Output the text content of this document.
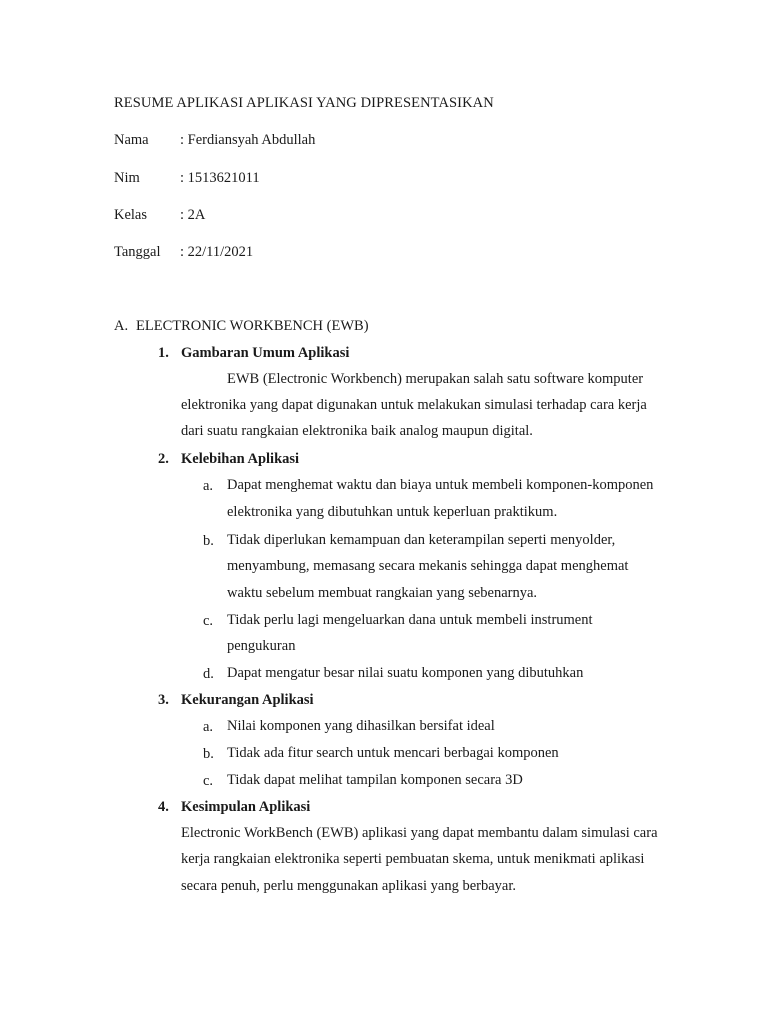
RESUME APLIKASI APLIKASI YANG DIPRESENTASIKAN
Nama : Ferdiansyah Abdullah
Nim	: 1513621011
Kelas : 2A
Tanggal : 22/11/2021
A. ELECTRONIC WORKBENCH (EWB)
1. Gambaran Umum Aplikasi
EWB (Electronic Workbench) merupakan salah satu software komputer
elektronika yang dapat digunakan untuk melakukan simulasi terhadap cara kerja
dari suatu rangkaian elektronika baik analog maupun digital.
2. Kelebihan Aplikasi
a. Dapat menghemat waktu dan biaya untuk membeli komponen-komponen
elektronika yang dibutuhkan untuk keperluan praktikum.
b. Tidak diperlukan kemampuan dan keterampilan seperti menyolder,
menyambung, memasang secara mekanis sehingga dapat menghemat
waktu sebelum membuat rangkaian yang sebenarnya.
c. Tidak perlu lagi mengeluarkan dana untuk membeli instrument
pengukuran
d. Dapat mengatur besar nilai suatu komponen yang dibutuhkan
3. Kekurangan Aplikasi
a. Nilai komponen yang dihasilkan bersifat ideal
b. Tidak ada fitur search untuk mencari berbagai komponen
c. Tidak dapat melihat tampilan komponen secara 3D
4. Kesimpulan Aplikasi
Electronic WorkBench (EWB) aplikasi yang dapat membantu dalam simulasi cara
kerja rangkaian elektronika seperti pembuatan skema, untuk menikmati aplikasi
secara penuh, perlu menggunakan aplikasi yang berbayar.
